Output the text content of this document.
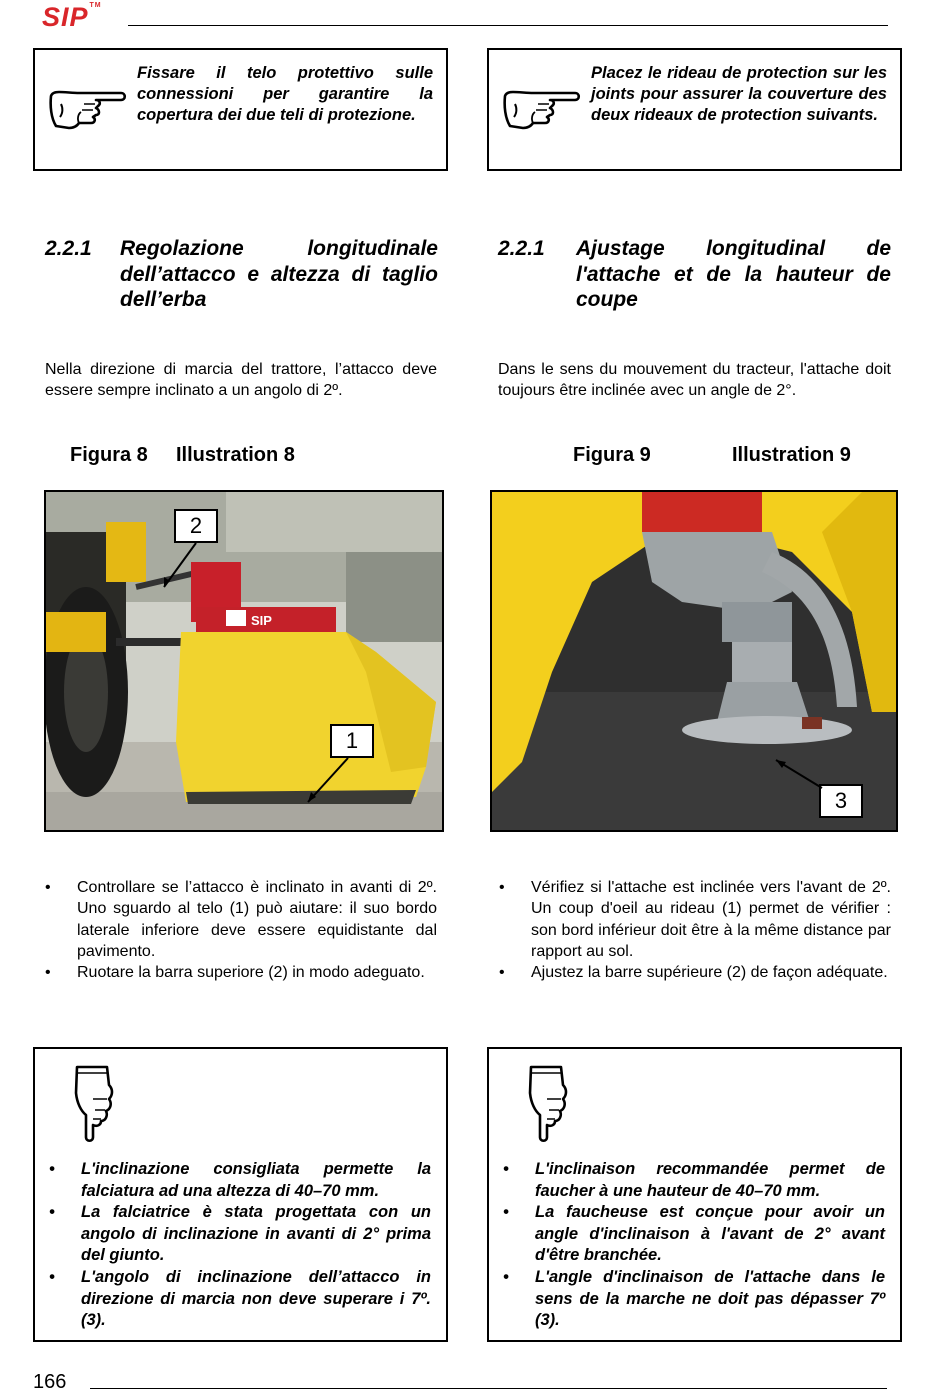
SIP™
Fissare il telo protettivo sulle connessioni per garantire la copertura dei due teli di protezione.
Placez le rideau de protection sur les joints pour assurer la couverture des deux rideaux de protection suivants.
2.2.1 Regolazione longitudinale dell’attacco e altezza di taglio dell’erba
2.2.1 Ajustage longitudinal de l'attache et de la hauteur de coupe
Nella direzione di marcia del trattore, l’attacco deve essere sempre inclinato a un angolo di 2º.
Dans le sens du mouvement du tracteur, l'attache doit toujours être inclinée avec un angle de 2°.
Figura 8 Illustration 8	Figura 9	Illustration 9
SIP
2
1
3
• Controllare se l’attacco è inclinato in avanti di 2º. Uno sguardo al telo (1) può aiutare: il suo bordo laterale inferiore deve essere equidistante dal pavimento.
• Ruotare la barra superiore (2) in modo adeguato.
• Vérifiez si l'attache est inclinée vers l'avant de 2º. Un coup d'oeil au rideau (1) permet de vérifier : son bord inférieur doit être à la même distance par rapport au sol.
• Ajustez la barre supérieure (2) de façon adéquate.
• L'inclinazione consigliata permette la falciatura ad una altezza di 40–70 mm.
• La falciatrice è stata progettata con un angolo di inclinazione in avanti di 2° prima del giunto.
• L'angolo di inclinazione dell’attacco in direzione di marcia non deve superare i 7º. (3).
• L'inclinaison recommandée permet de faucher à une hauteur de 40–70 mm.
• La faucheuse est conçue pour avoir un angle d'inclinaison à l'avant de 2° avant d'être branchée.
• L'angle d'inclinaison de l'attache dans le sens de la marche ne doit pas dépasser 7º (3).
166
